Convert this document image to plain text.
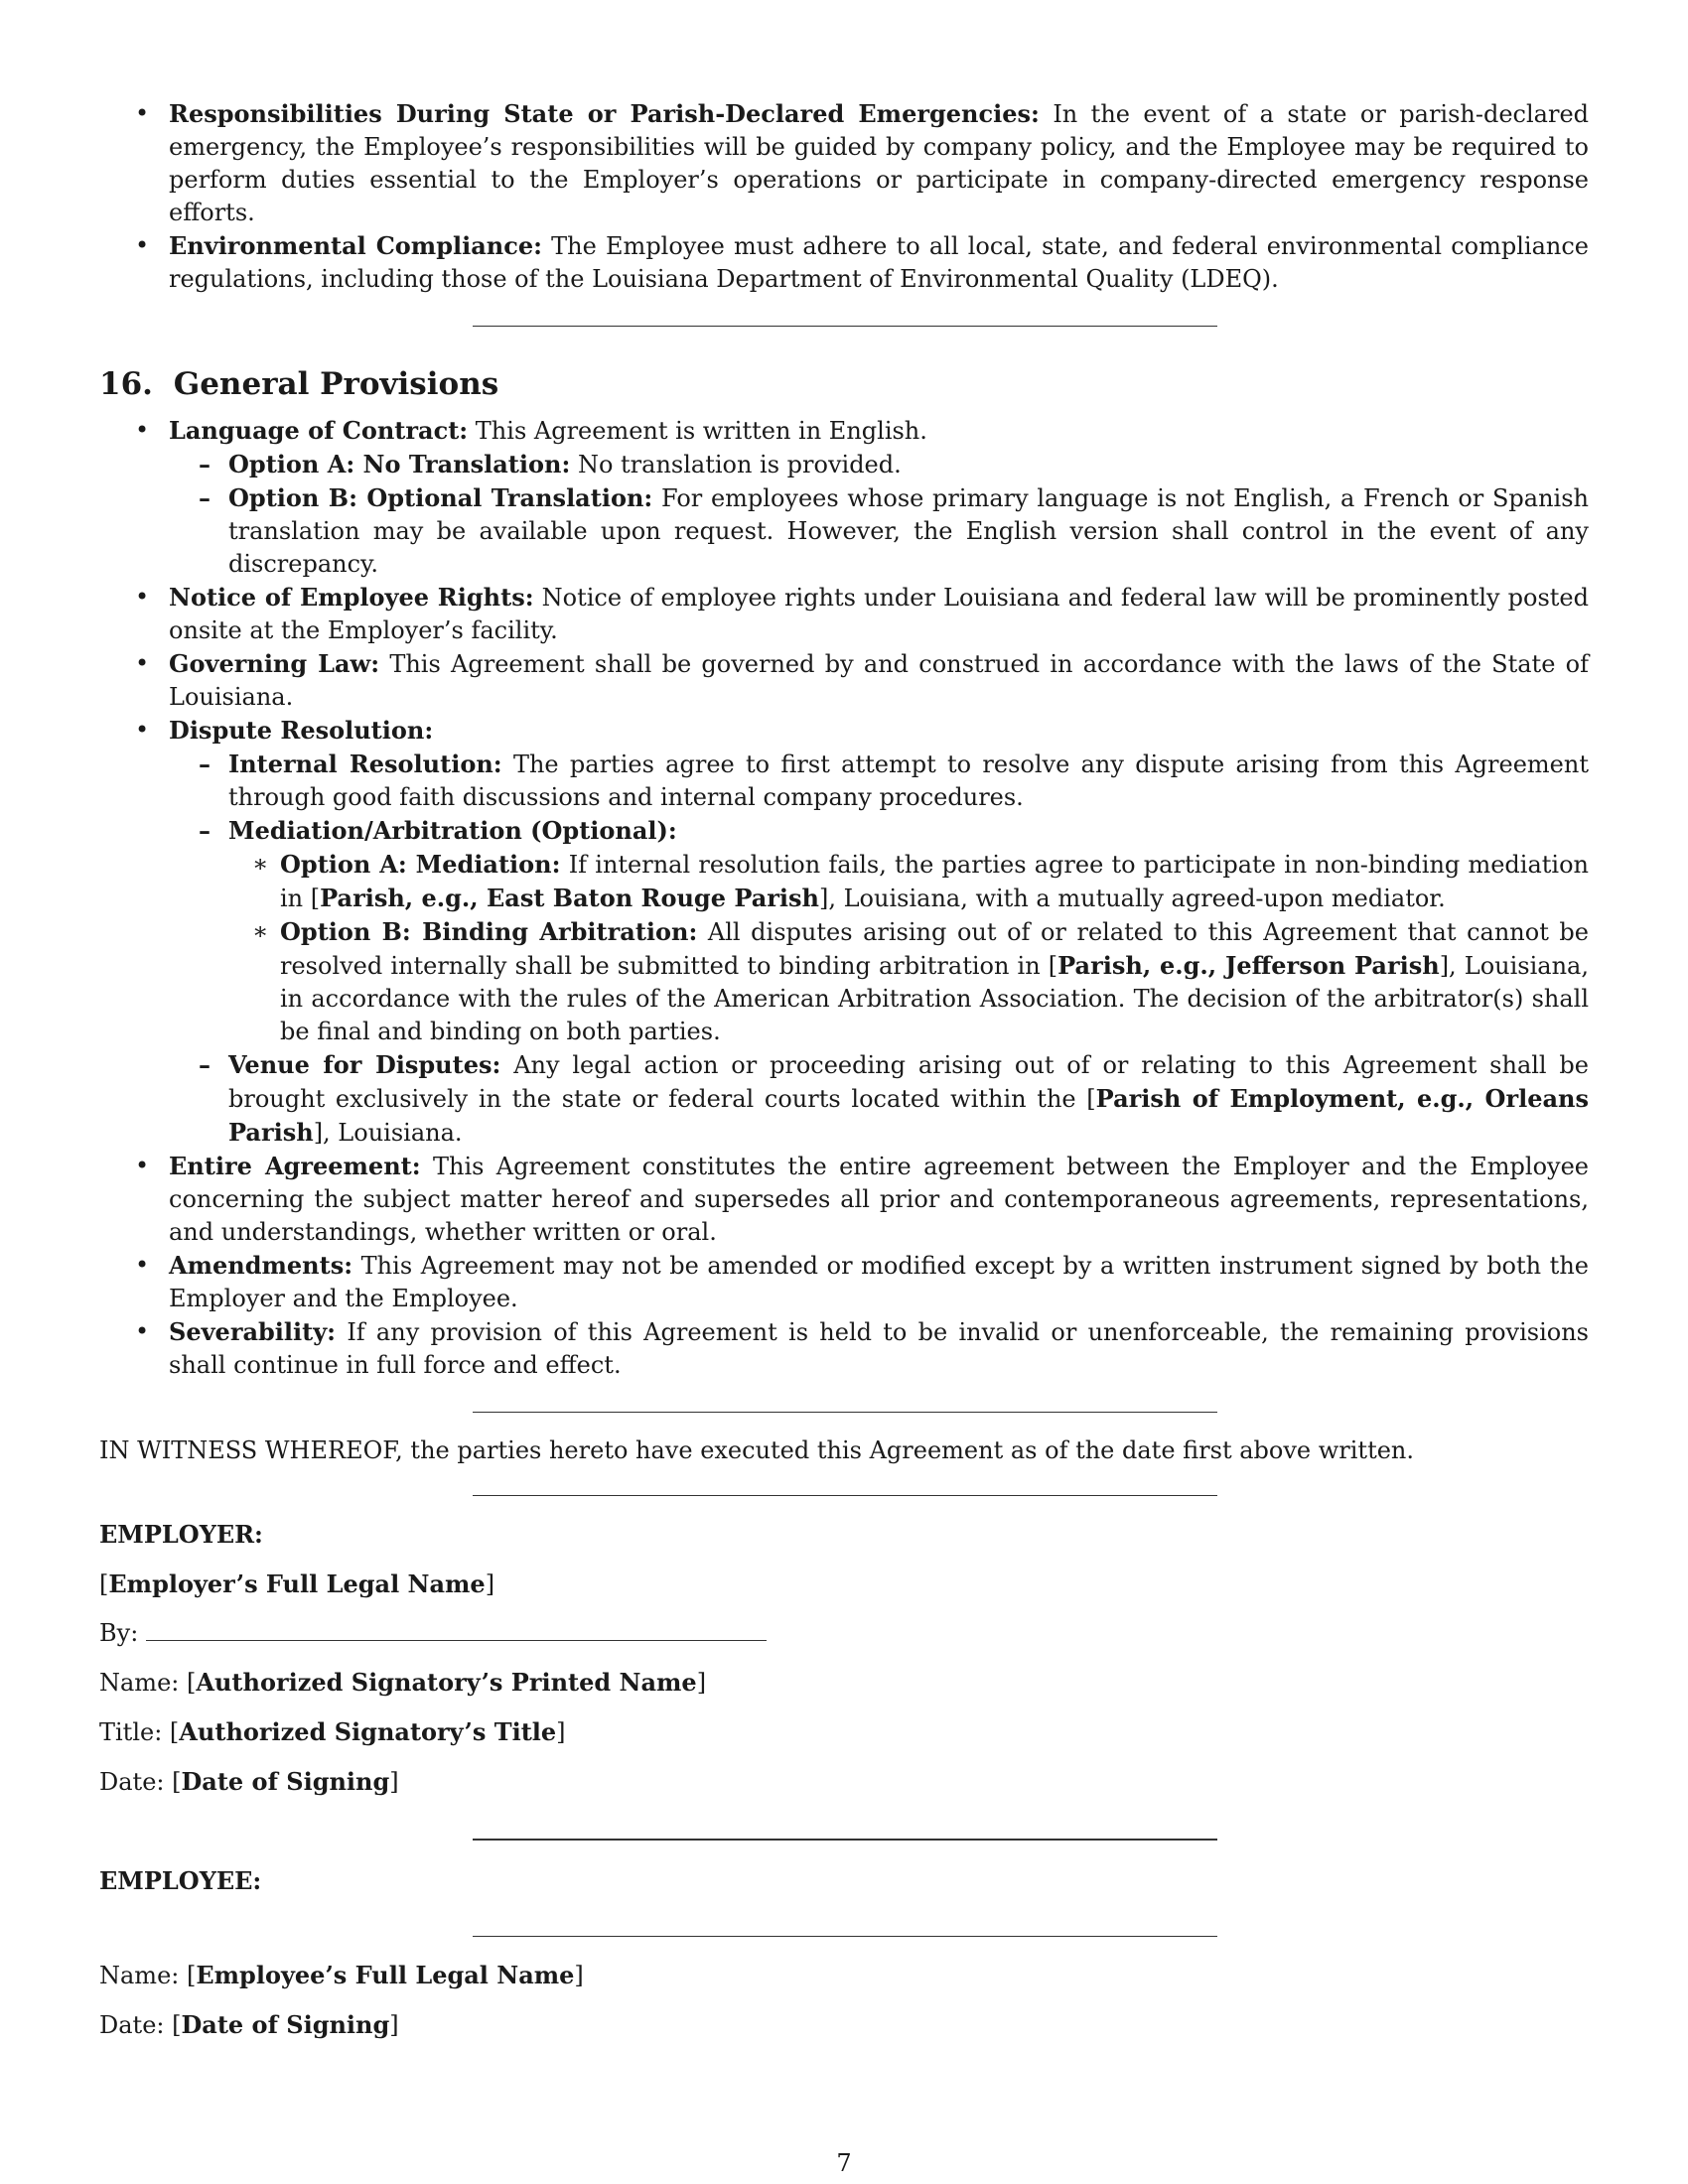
• Responsibilities During State or Parish-Declared Emergencies: In the event of a state or parish-declared emergency, the Employee’s responsibilities will be guided by company policy, and the Employee may be required to perform duties essential to the Employer’s operations or participate in company-directed emergency response efforts.
• Environmental Compliance: The Employee must adhere to all local, state, and federal environmental compliance regulations, including those of the Louisiana Department of Environmental Quality (LDEQ).
16. General Provisions
• Language of Contract: This Agreement is written in English.
– Option A: No Translation: No translation is provided.
– Option B: Optional Translation: For employees whose primary language is not English, a French or Spanish translation may be available upon request. However, the English version shall control in the event of any discrepancy.
• Notice of Employee Rights: Notice of employee rights under Louisiana and federal law will be prominently posted onsite at the Employer’s facility.
• Governing Law: This Agreement shall be governed by and construed in accordance with the laws of the State of Louisiana.
• Dispute Resolution:
– Internal Resolution: The parties agree to first attempt to resolve any dispute arising from this Agreement through good faith discussions and internal company procedures.
– Mediation/Arbitration (Optional):
∗ Option A: Mediation: If internal resolution fails, the parties agree to participate in non-binding mediation in [Parish, e.g., East Baton Rouge Parish], Louisiana, with a mutually agreed-upon mediator.
∗ Option B: Binding Arbitration: All disputes arising out of or related to this Agreement that cannot be resolved internally shall be submitted to binding arbitration in [Parish, e.g., Jefferson Parish], Louisiana, in accordance with the rules of the American Arbitration Association. The decision of the arbitrator(s) shall be final and binding on both parties.
– Venue for Disputes: Any legal action or proceeding arising out of or relating to this Agreement shall be brought exclusively in the state or federal courts located within the [Parish of Employment, e.g., Orleans Parish], Louisiana.
• Entire Agreement: This Agreement constitutes the entire agreement between the Employer and the Employee concerning the subject matter hereof and supersedes all prior and contemporaneous agreements, representations, and understandings, whether written or oral.
• Amendments: This Agreement may not be amended or modified except by a written instrument signed by both the Employer and the Employee.
• Severability: If any provision of this Agreement is held to be invalid or unenforceable, the remaining provisions shall continue in full force and effect.

IN WITNESS WHEREOF, the parties hereto have executed this Agreement as of the date first above written.

EMPLOYER:

[Employer’s Full Legal Name]

By:

Name: [Authorized Signatory’s Printed Name]

Title: [Authorized Signatory’s Title]

Date: [Date of Signing]

EMPLOYEE:

Name: [Employee’s Full Legal Name]

Date: [Date of Signing]

7
